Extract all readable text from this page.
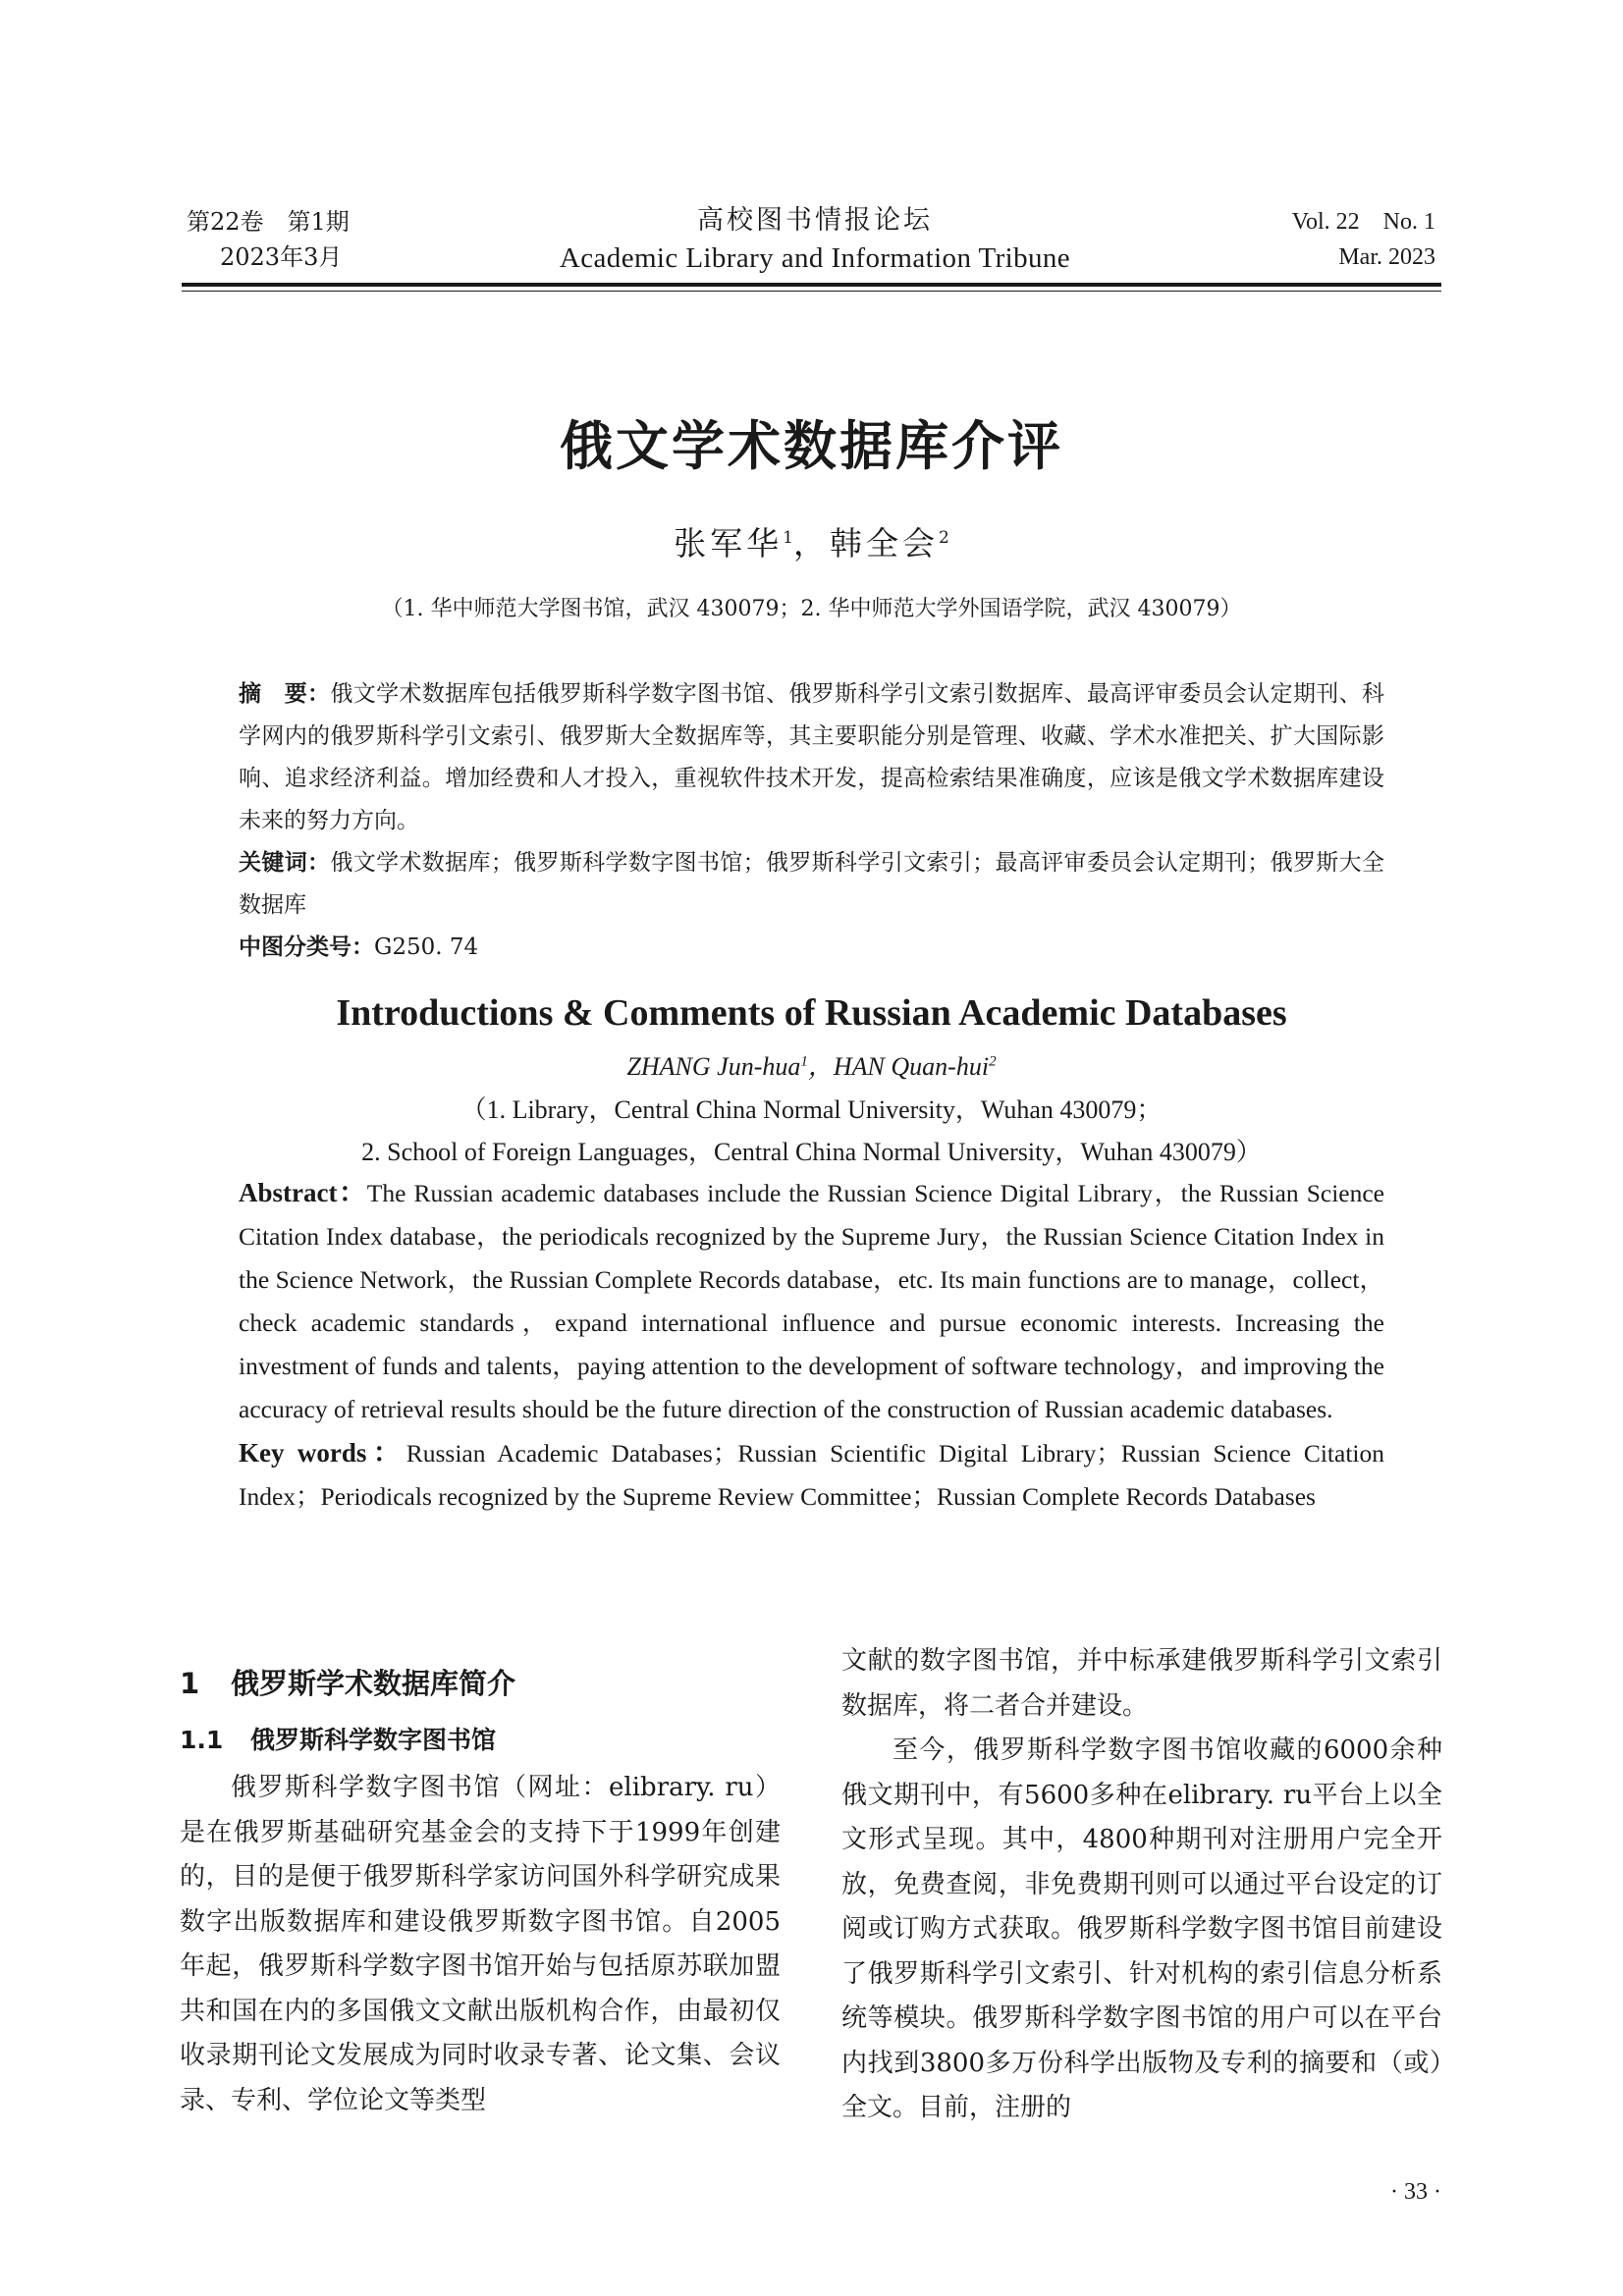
第22卷　第1期
2023年3月
高校图书情报论坛
Academic Library and Information Tribune
Vol. 22　No. 1
Mar. 2023
俄文学术数据库介评
张军华$^1$，韩全会$^2$
（1. 华中师范大学图书馆，武汉 430079；2. 华中师范大学外国语学院，武汉 430079）

摘　要：俄文学术数据库包括俄罗斯科学数字图书馆、俄罗斯科学引文索引数据库、最高评审委员会认定期刊、科学网内的俄罗斯科学引文索引、俄罗斯大全数据库等，其主要职能分别是管理、收藏、学术水准把关、扩大国际影响、追求经济利益。增加经费和人才投入，重视软件技术开发，提高检索结果准确度，应该是俄文学术数据库建设未来的努力方向。

关键词：俄文学术数据库；俄罗斯科学数字图书馆；俄罗斯科学引文索引；最高评审委员会认定期刊；俄罗斯大全数据库

中图分类号：G250. 74

Introductions & Comments of Russian Academic Databases
ZHANG Jun-hua$^1$，HAN Quan-hui$^2$
（1. Library，Central China Normal University，Wuhan 430079；
2. School of Foreign Languages，Central China Normal University，Wuhan 430079）

Abstract：The Russian academic databases include the Russian Science Digital Library，the Russian Science Citation Index database，the periodicals recognized by the Supreme Jury，the Russian Science Citation Index in the Science Network，the Russian Complete Records database，etc. Its main functions are to manage，collect，check academic standards，expand international influence and pursue economic interests. Increasing the investment of funds and talents，paying attention to the development of software technology，and improving the accuracy of retrieval results should be the future direction of the construction of Russian academic databases.

Key words：Russian Academic Databases；Russian Scientific Digital Library；Russian Science Citation Index；Periodicals recognized by the Supreme Review Committee；Russian Complete Records Databases

1 俄罗斯学术数据库简介
1.1 俄罗斯科学数字图书馆

俄罗斯科学数字图书馆（网址：elibrary. ru）是在俄罗斯基础研究基金会的支持下于1999年创建的，目的是便于俄罗斯科学家访问国外科学研究成果数字出版数据库和建设俄罗斯数字图书馆。自2005年起，俄罗斯科学数字图书馆开始与包括原苏联加盟共和国在内的多国俄文文献出版机构合作，由最初仅收录期刊论文发展成为同时收录专著、论文集、会议录、专利、学位论文等类型

文献的数字图书馆，并中标承建俄罗斯科学引文索引数据库，将二者合并建设。

至今，俄罗斯科学数字图书馆收藏的6000余种俄文期刊中，有5600多种在elibrary. ru平台上以全文形式呈现。其中，4800种期刊对注册用户完全开放，免费查阅，非免费期刊则可以通过平台设定的订阅或订购方式获取。俄罗斯科学数字图书馆目前建设了俄罗斯科学引文索引、针对机构的索引信息分析系统等模块。俄罗斯科学数字图书馆的用户可以在平台内找到3800多万份科学出版物及专利的摘要和（或）全文。目前，注册的

· 33 ·
